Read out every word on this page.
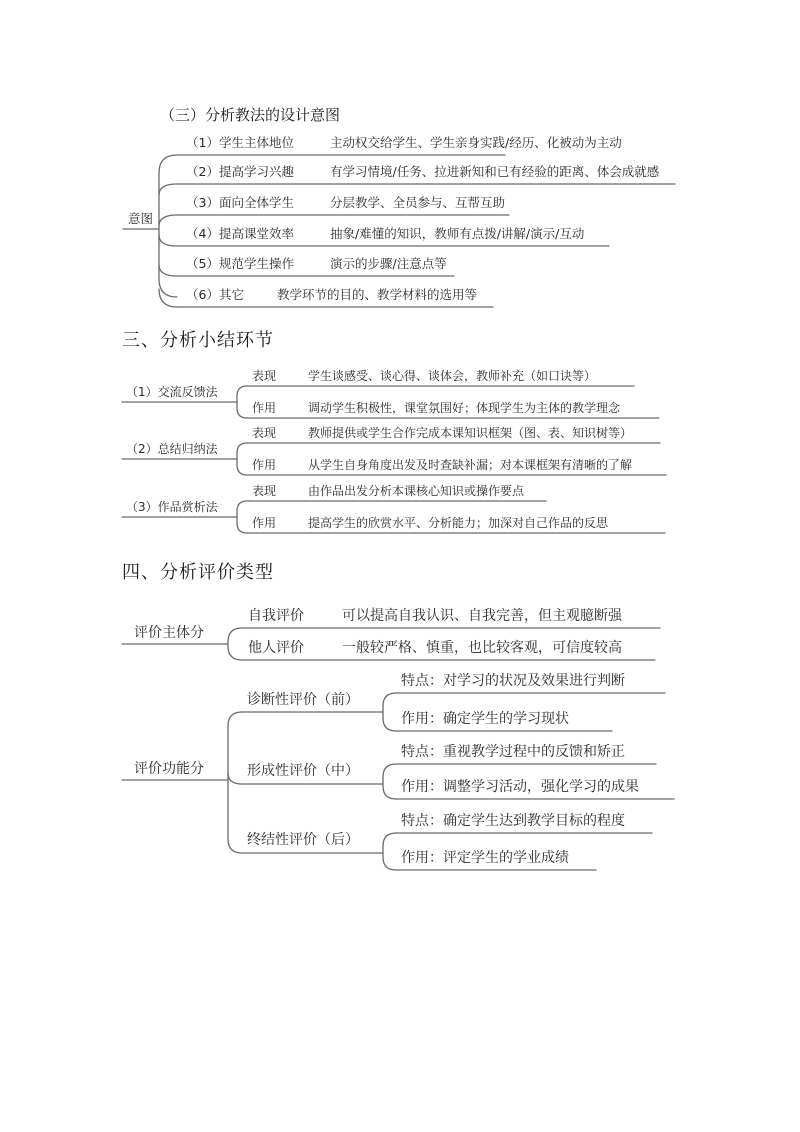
（三）分析教法的设计意图
意图
（1）学生主体地位	主动权交给学生、学生亲身实践/经历、化被动为主动
（2）提高学习兴趣	有学习情境/任务、拉进新知和已有经验的距离、体会成就感
（3）面向全体学生	分层教学、全员参与、互帮互助
（4）提高课堂效率	抽象/难懂的知识，教师有点拨/讲解/演示/互动
（5）规范学生操作	演示的步骤/注意点等
（6）其它	教学环节的目的、教学材料的选用等
三、分析小结环节
（1）交流反馈法
表现	学生谈感受、谈心得、谈体会，教师补充（如口诀等）
作用	调动学生积极性，课堂氛围好；体现学生为主体的教学理念
（2）总结归纳法
表现	教师提供或学生合作完成本课知识框架（图、表、知识树等）
作用	从学生自身角度出发及时查缺补漏；对本课框架有清晰的了解
（3）作品赏析法
表现	由作品出发分析本课核心知识或操作要点
作用	提高学生的欣赏水平、分析能力；加深对自己作品的反思
四、分析评价类型
评价主体分
自我评价	可以提高自我认识、自我完善，但主观臆断强
他人评价	一般较严格、慎重，也比较客观，可信度较高
评价功能分
诊断性评价（前）
特点：对学习的状况及效果进行判断
作用：确定学生的学习现状
形成性评价（中）
特点：重视教学过程中的反馈和矫正
作用：调整学习活动，强化学习的成果
终结性评价（后）
特点：确定学生达到教学目标的程度
作用：评定学生的学业成绩
